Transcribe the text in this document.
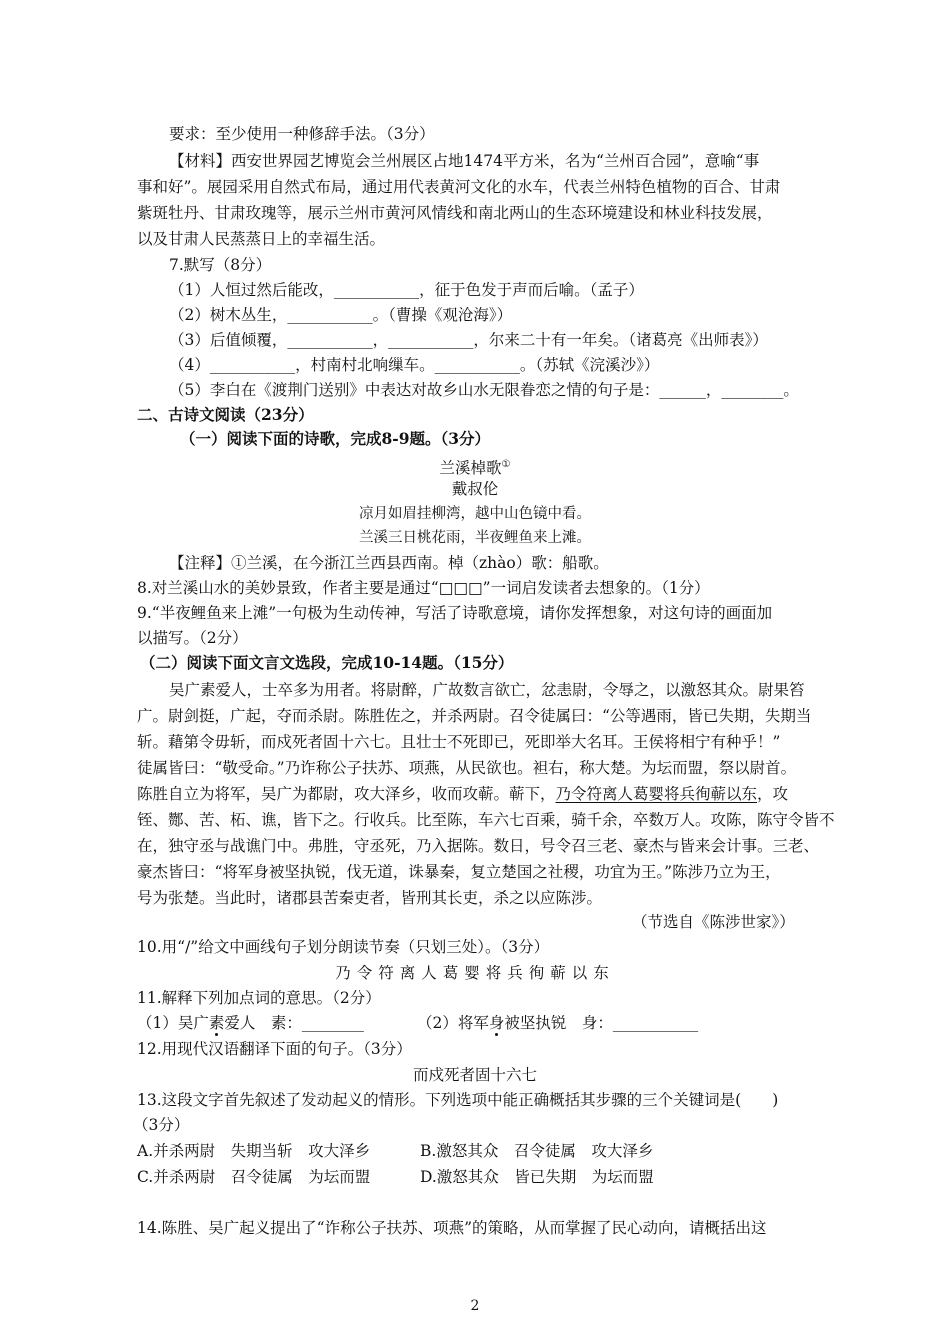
要求：至少使用一种修辞手法。（3分）
【材料】西安世界园艺博览会兰州展区占地1474平方米，名为“兰州百合园”，意喻“事
事和好”。展园采用自然式布局，通过用代表黄河文化的水车，代表兰州特色植物的百合、甘肃
紫斑牡丹、甘肃玫瑰等，展示兰州市黄河风情线和南北两山的生态环境建设和林业科技发展，
以及甘肃人民蒸蒸日上的幸福生活。
7.默写（8分）
（1）人恒过然后能改，___________，征于色发于声而后喻。（孟子）
（2）树木丛生，___________。（曹操《观沧海》）
（3）后值倾覆，___________，___________，尔来二十有一年矣。（诸葛亮《出师表》）
（4）___________，村南村北响缫车。___________。（苏轼《浣溪沙》）
（5）李白在《渡荆门送别》中表达对故乡山水无限眷恋之情的句子是：______，________。
二、古诗文阅读（23分）
（一）阅读下面的诗歌，完成8-9题。（3分）
兰溪棹歌①
戴叔伦
凉月如眉挂柳湾，越中山色镜中看。
兰溪三日桃花雨，半夜鲤鱼来上滩。
【注释】①兰溪，在今浙江兰西县西南。棹（zhào）歌：船歌。
8.对兰溪山水的美妙景致，作者主要是通过“□□□”一词启发读者去想象的。（1分）
9.“半夜鲤鱼来上滩”一句极为生动传神，写活了诗歌意境，请你发挥想象，对这句诗的画面加
以描写。（2分）
（二）阅读下面文言文选段，完成10-14题。（15分）
吴广素爱人，士卒多为用者。将尉醉，广故数言欲亡，忿恚尉，令辱之，以激怒其众。尉果笞
广。尉剑挺，广起，夺而杀尉。陈胜佐之，并杀两尉。召令徒属曰：“公等遇雨，皆已失期，失期当
斩。藉第令毋斩，而戍死者固十六七。且壮士不死即已，死即举大名耳。王侯将相宁有种乎！”
徒属皆曰：“敬受命。”乃诈称公子扶苏、项燕，从民欲也。袒右，称大楚。为坛而盟，祭以尉首。
陈胜自立为将军，吴广为都尉，攻大泽乡，收而攻蕲。蕲下，乃令符离人葛婴将兵徇蕲以东，攻
铚、酂、苦、柘、谯，皆下之。行收兵。比至陈，车六七百乘，骑千余，卒数万人。攻陈，陈守令皆不
在，独守丞与战谯门中。弗胜，守丞死，乃入据陈。数日，号令召三老、豪杰与皆来会计事。三老、
豪杰皆曰：“将军身被坚执锐，伐无道，诛暴秦，复立楚国之社稷，功宜为王。”陈涉乃立为王，
号为张楚。当此时，诸郡县苦秦吏者，皆刑其长吏，杀之以应陈涉。
（节选自《陈涉世家》）
10.用“/”给文中画线句子划分朗读节奏（只划三处）。（3分）
乃令符离人葛婴将兵徇蕲以东
11.解释下列加点词的意思。（2分）
（1）吴广素爱人　素：________	（2）将军身被坚执锐　身：___________
12.用现代汉语翻译下面的句子。（3分）
而戍死者固十六七
13.这段文字首先叙述了发动起义的情形。下列选项中能正确概括其步骤的三个关键词是(　　)
（3分）
A.并杀两尉　失期当斩　攻大泽乡	B.激怒其众　召令徒属　攻大泽乡
C.并杀两尉　召令徒属　为坛而盟	D.激怒其众　皆已失期　为坛而盟
14.陈胜、吴广起义提出了“诈称公子扶苏、项燕”的策略，从而掌握了民心动向，请概括出这
2
